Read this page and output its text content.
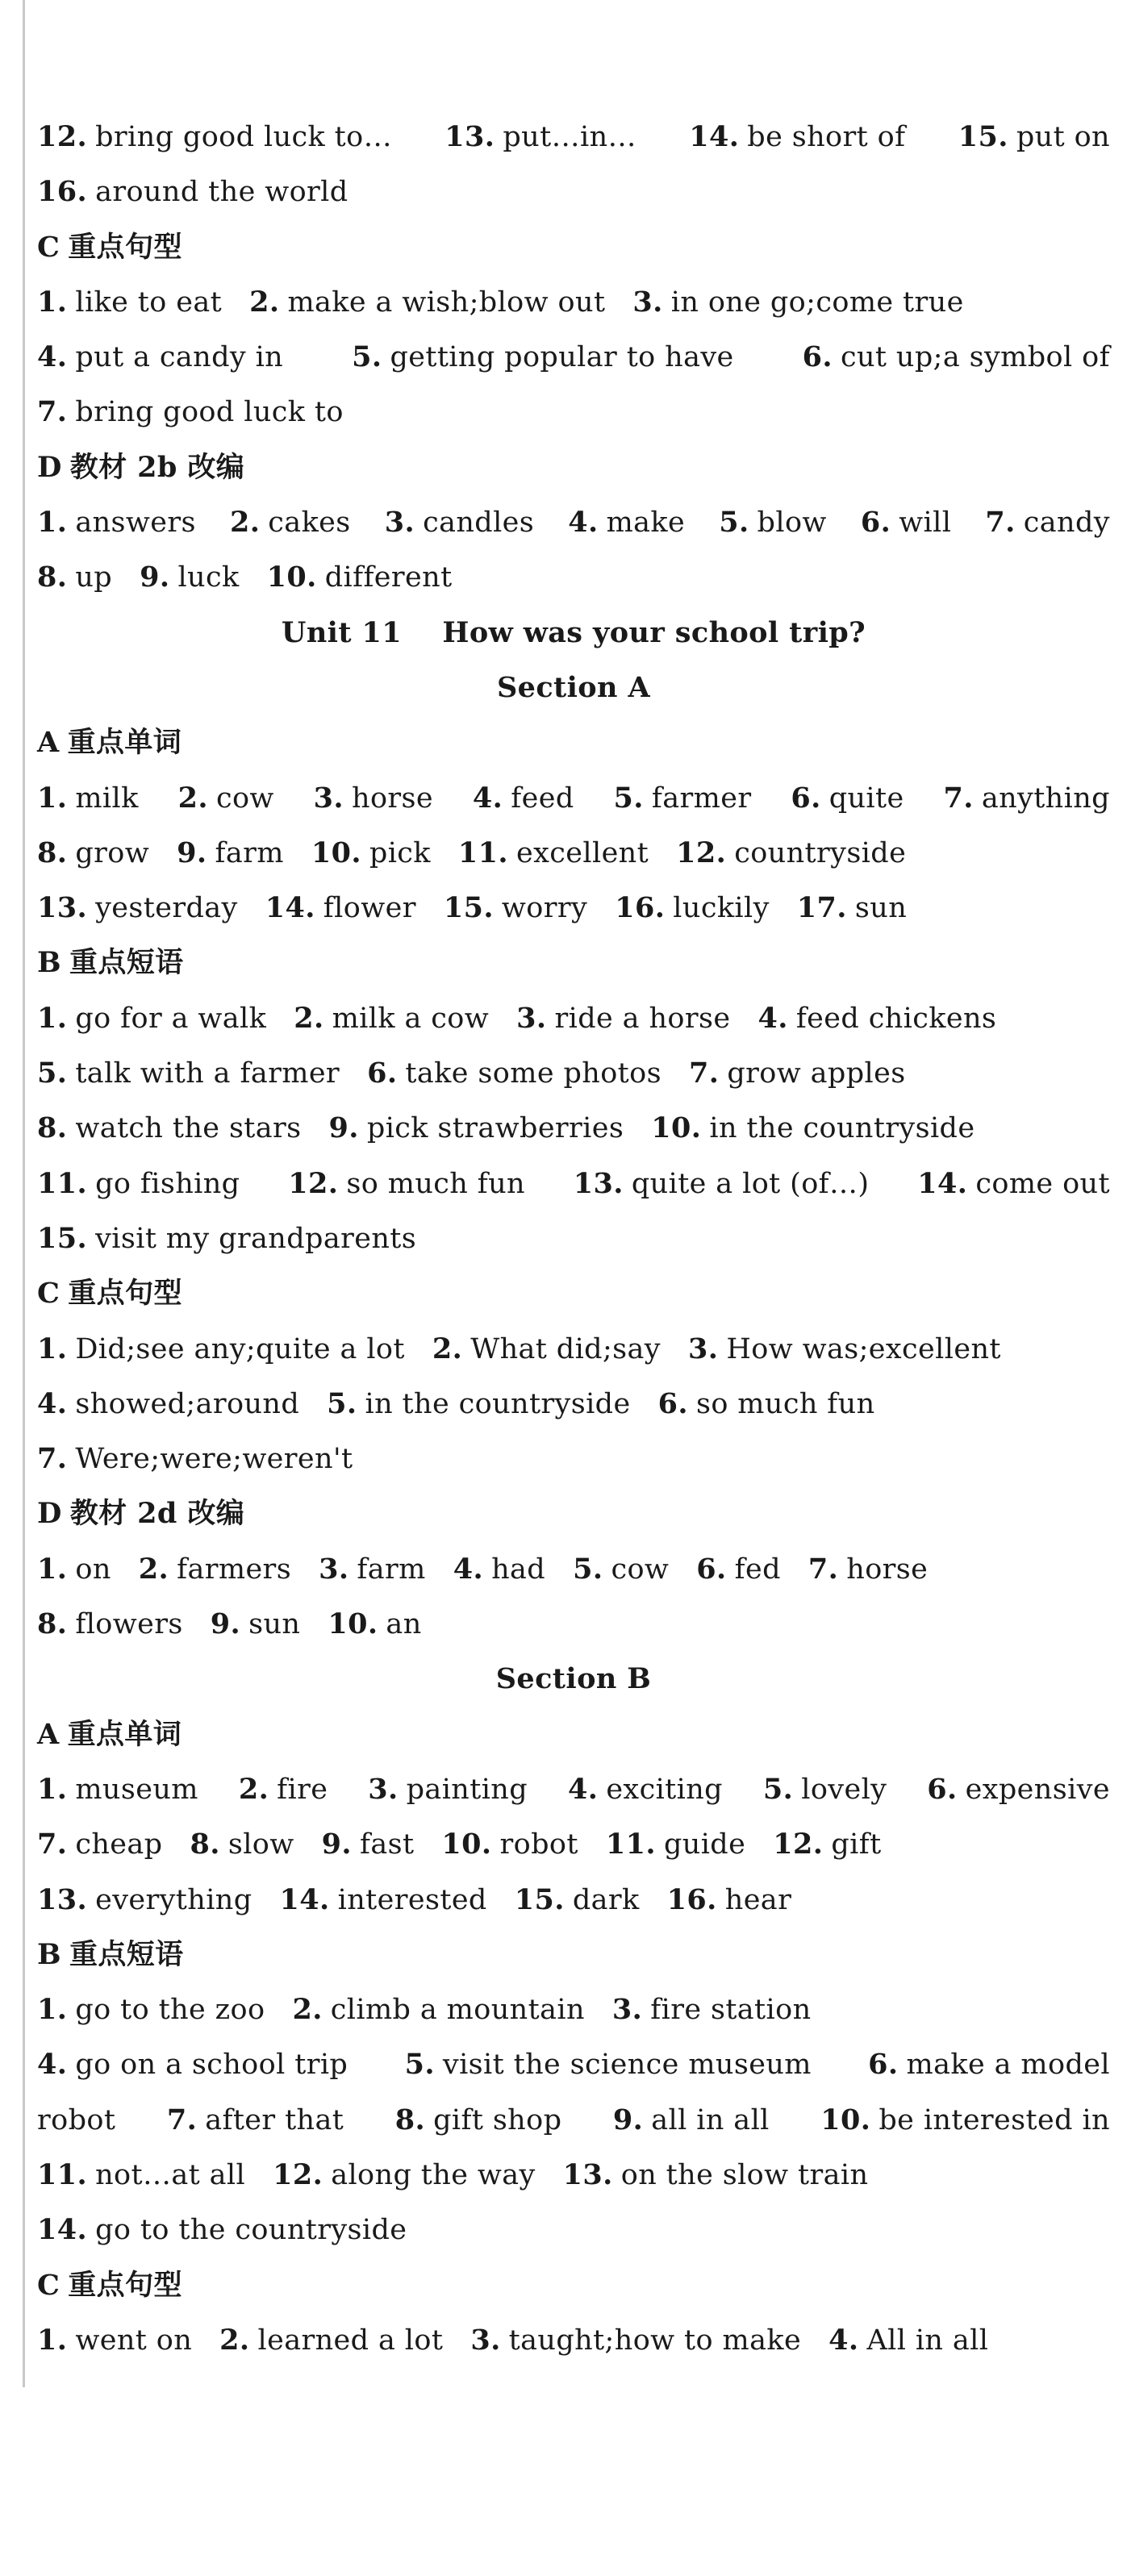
12. bring good luck to… 13. put…in… 14. be short of 15. put on
16. around the world
C 重点句型
1. like to eat 2. make a wish;blow out 3. in one go;come true
4. put a candy in 5. getting popular to have 6. cut up;a symbol of
7. bring good luck to
D 教材 2b 改编
1. answers 2. cakes 3. candles 4. make 5. blow 6. will 7. candy
8. up 9. luck 10. different
Unit 11    How was your school trip?
Section A
A 重点单词
1. milk 2. cow 3. horse 4. feed 5. farmer 6. quite 7. anything
8. grow 9. farm 10. pick 11. excellent 12. countryside
13. yesterday 14. flower 15. worry 16. luckily 17. sun
B 重点短语
1. go for a walk 2. milk a cow 3. ride a horse 4. feed chickens
5. talk with a farmer 6. take some photos 7. grow apples
8. watch the stars 9. pick strawberries 10. in the countryside
11. go fishing 12. so much fun 13. quite a lot (of…) 14. come out
15. visit my grandparents
C 重点句型
1. Did;see any;quite a lot 2. What did;say 3. How was;excellent
4. showed;around 5. in the countryside 6. so much fun
7. Were;were;weren't
D 教材 2d 改编
1. on 2. farmers 3. farm 4. had 5. cow 6. fed 7. horse
8. flowers 9. sun 10. an
Section B
A 重点单词
1. museum 2. fire 3. painting 4. exciting 5. lovely 6. expensive
7. cheap 8. slow 9. fast 10. robot 11. guide 12. gift
13. everything 14. interested 15. dark 16. hear
B 重点短语
1. go to the zoo 2. climb a mountain 3. fire station
4. go on a school trip 5. visit the science museum 6. make a model
robot 7. after that 8. gift shop 9. all in all 10. be interested in
11. not…at all 12. along the way 13. on the slow train
14. go to the countryside
C 重点句型
1. went on 2. learned a lot 3. taught;how to make 4. All in all
